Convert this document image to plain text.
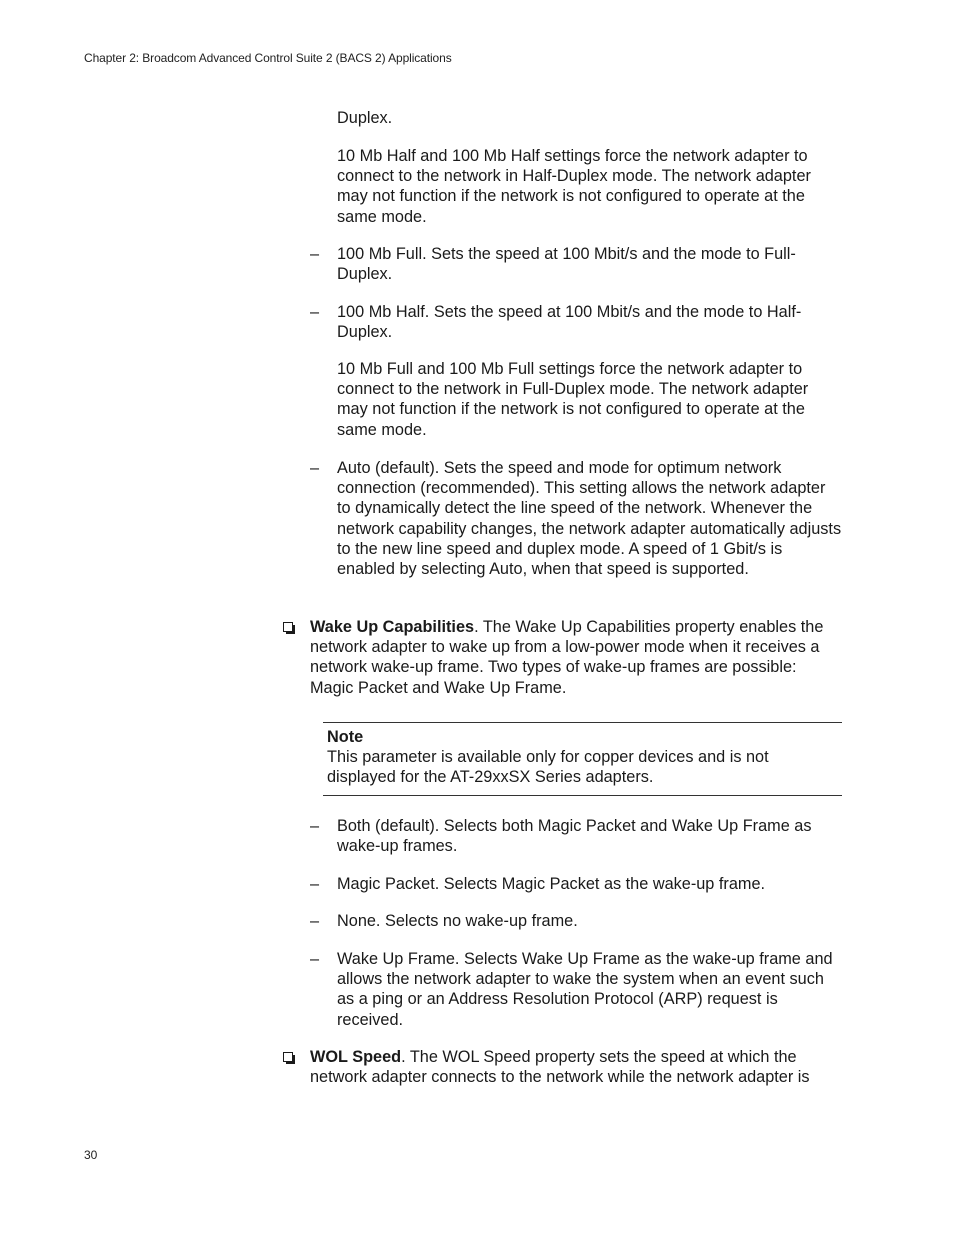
Chapter 2: Broadcom Advanced Control Suite 2 (BACS 2) Applications

Duplex.

10 Mb Half and 100 Mb Half settings force the network adapter to connect to the network in Half-Duplex mode. The network adapter may not function if the network is not configured to operate at the same mode.

– 100 Mb Full. Sets the speed at 100 Mbit/s and the mode to Full-Duplex.

– 100 Mb Half. Sets the speed at 100 Mbit/s and the mode to Half-Duplex.

10 Mb Full and 100 Mb Full settings force the network adapter to connect to the network in Full-Duplex mode. The network adapter may not function if the network is not configured to operate at the same mode.

– Auto (default). Sets the speed and mode for optimum network connection (recommended). This setting allows the network adapter to dynamically detect the line speed of the network. Whenever the network capability changes, the network adapter automatically adjusts to the new line speed and duplex mode. A speed of 1 Gbit/s is enabled by selecting Auto, when that speed is supported.

Wake Up Capabilities. The Wake Up Capabilities property enables the network adapter to wake up from a low-power mode when it receives a network wake-up frame. Two types of wake-up frames are possible: Magic Packet and Wake Up Frame.

Note
This parameter is available only for copper devices and is not displayed for the AT-29xxSX Series adapters.
– Both (default). Selects both Magic Packet and Wake Up Frame as wake-up frames.

– Magic Packet. Selects Magic Packet as the wake-up frame.

– None. Selects no wake-up frame.

– Wake Up Frame. Selects Wake Up Frame as the wake-up frame and allows the network adapter to wake the system when an event such as a ping or an Address Resolution Protocol (ARP) request is received.

WOL Speed. The WOL Speed property sets the speed at which the network adapter connects to the network while the network adapter is

30
